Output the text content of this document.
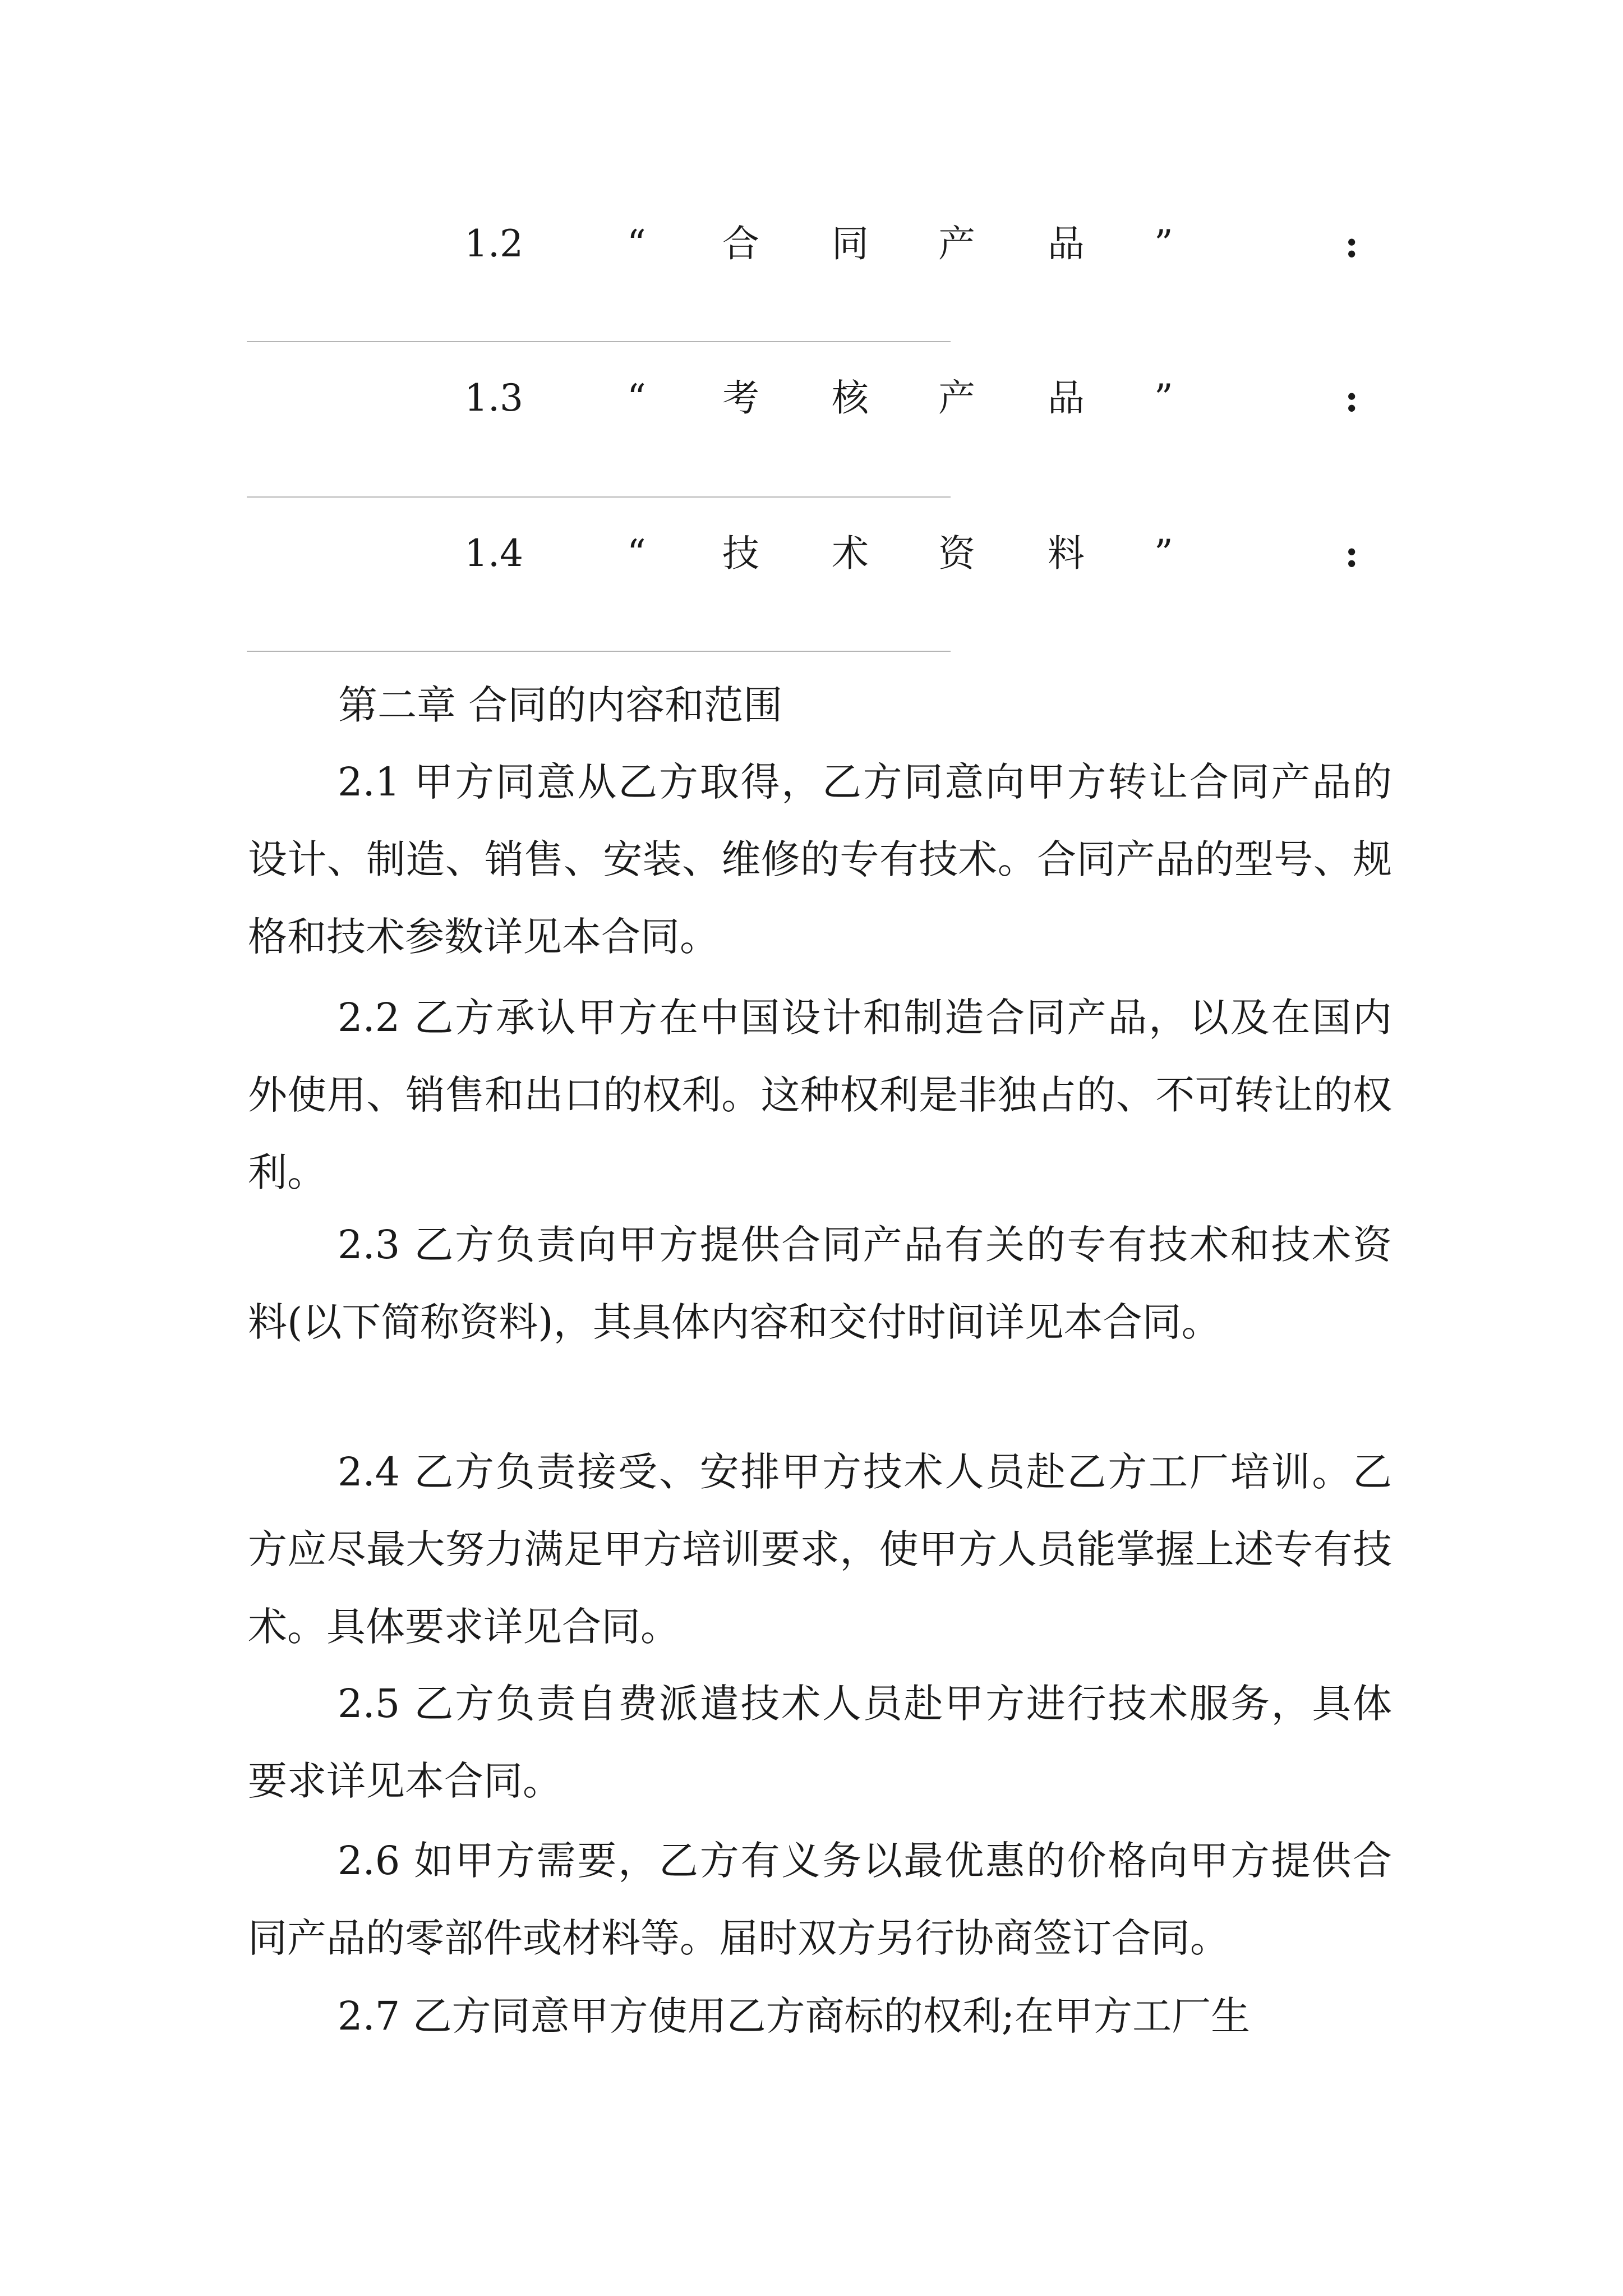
1.2	“ 合 同 产 品 ”	:
1.3	“ 考 核 产 品 ”	:
1.4	“ 技 术 资 料 ”	:
第二章 合同的内容和范围
2.1 甲方同意从乙方取得，乙方同意向甲方转让合同产品的设计、制造、销售、安装、维修的专有技术。合同产品的型号、规格和技术参数详见本合同。
2.2 乙方承认甲方在中国设计和制造合同产品，以及在国内外使用、销售和出口的权利。这种权利是非独占的、不可转让的权利。
2.3 乙方负责向甲方提供合同产品有关的专有技术和技术资料(以下简称资料)，其具体内容和交付时间详见本合同。
2.4 乙方负责接受、安排甲方技术人员赴乙方工厂培训。乙方应尽最大努力满足甲方培训要求，使甲方人员能掌握上述专有技术。具体要求详见合同。
2.5 乙方负责自费派遣技术人员赴甲方进行技术服务，具体要求详见本合同。
2.6 如甲方需要，乙方有义务以最优惠的价格向甲方提供合同产品的零部件或材料等。届时双方另行协商签订合同。
2.7 乙方同意甲方使用乙方商标的权利;在甲方工厂生
